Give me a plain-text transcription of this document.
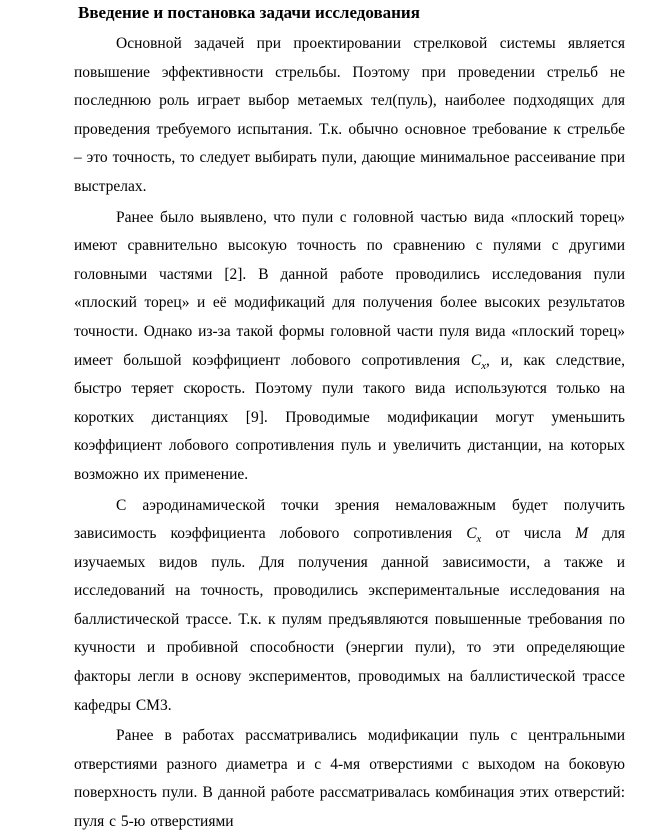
Введение и постановка задачи исследования

Основной задачей при проектировании стрелковой системы является повышение эффективности стрельбы. Поэтому при проведении стрельб не последнюю роль играет выбор метаемых тел(пуль), наиболее подходящих для проведения требуемого испытания. Т.к. обычно основное требование к стрельбе – это точность, то следует выбирать пули, дающие минимальное рассеивание при выстрелах.

Ранее было выявлено, что пули с головной частью вида «плоский торец» имеют сравнительно высокую точность по сравнению с пулями с другими головными частями [2]. В данной работе проводились исследования пули «плоский торец» и её модификаций для получения более высоких результатов точности. Однако из-за такой формы головной части пуля вида «плоский торец» имеет большой коэффициент лобового сопротивления $C_x$, и, как следствие, быстро теряет скорость. Поэтому пули такого вида используются только на коротких дистанциях [9]. Проводимые модификации могут уменьшить коэффициент лобового сопротивления пуль и увеличить дистанции, на которых возможно их применение.

С аэродинамической точки зрения немаловажным будет получить зависимость коэффициента лобового сопротивления $C_x$ от числа M для изучаемых видов пуль. Для получения данной зависимости, а также и исследований на точность, проводились экспериментальные исследования на баллистической трассе. Т.к. к пулям предъявляются повышенные требования по кучности и пробивной способности (энергии пули), то эти определяющие факторы легли в основу экспериментов, проводимых на баллистической трассе кафедры СМ3.

Ранее в работах рассматривались модификации пуль с центральными отверстиями разного диаметра и с 4-мя отверстиями с выходом на боковую поверхность пули. В данной работе рассматривалась комбинация этих отверстий: пуля с 5-ю отверстиями
